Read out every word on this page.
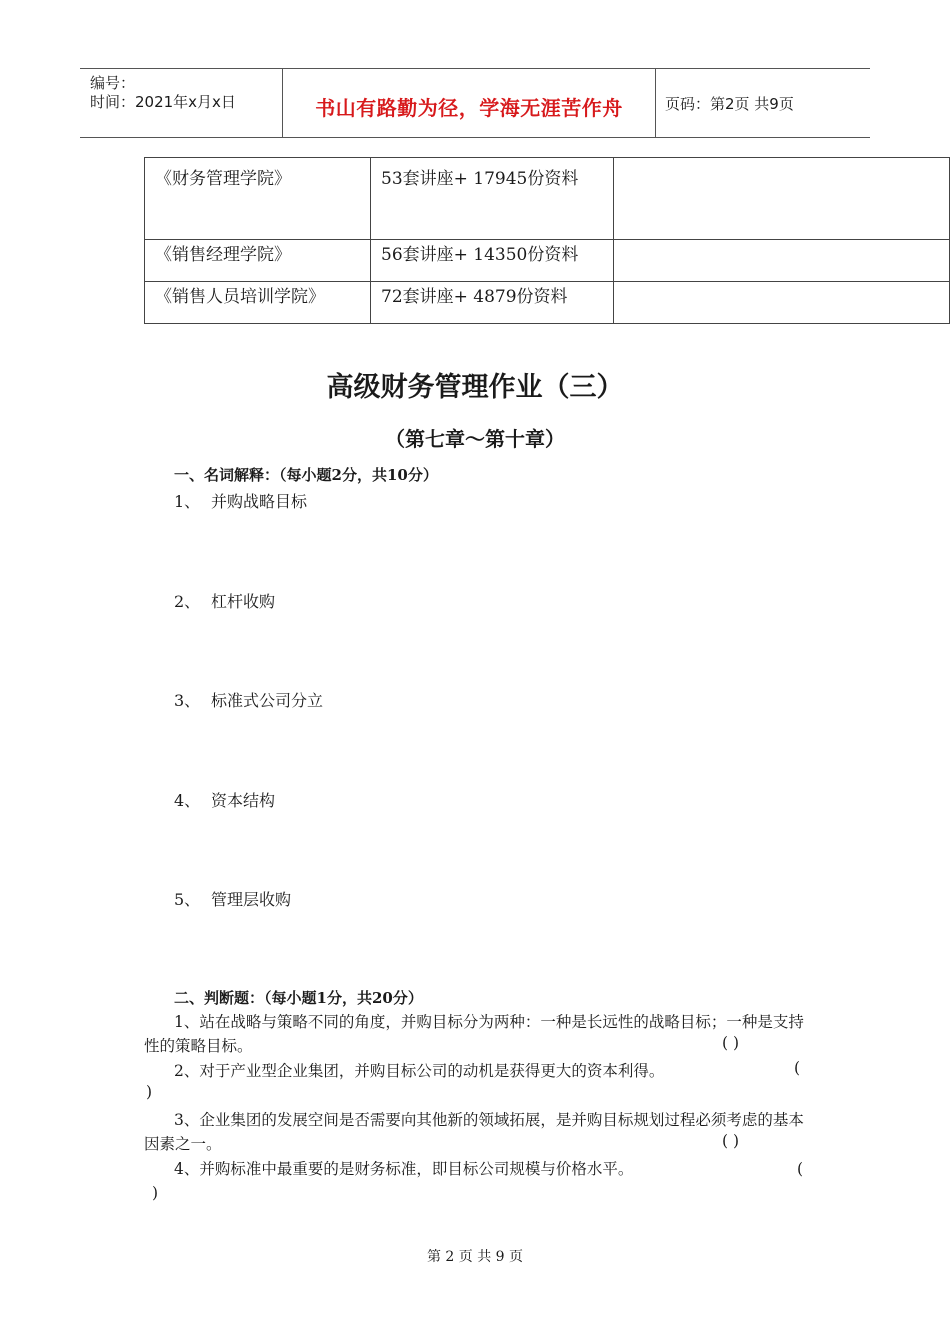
编号：
时间：2021年x月x日	书山有路勤为径，学海无涯苦作舟	页码：第2页 共9页
《财务管理学院》	53套讲座+ 17945份资料	

《销售经理学院》	56套讲座+ 14350份资料	
《销售人员培训学院》	72套讲座+ 4879份资料	
高级财务管理作业（三）
（第七章～第十章）
一、名词解释：（每小题2分，共10分）
1、 并购战略目标
2、 杠杆收购
3、 标准式公司分立
4、 资本结构
5、 管理层收购
二、判断题：（每小题1分，共20分）
1、站在战略与策略不同的角度，并购目标分为两种：一种是长远性的战略目标；一种是支持性的策略目标。	( )
2、对于产业型企业集团，并购目标公司的动机是获得更大的资本利得。	(
)
3、企业集团的发展空间是否需要向其他新的领域拓展，是并购目标规划过程必须考虑的基本因素之一。	( )
4、并购标准中最重要的是财务标准，即目标公司规模与价格水平。	(
)
第 2 页 共 9 页
